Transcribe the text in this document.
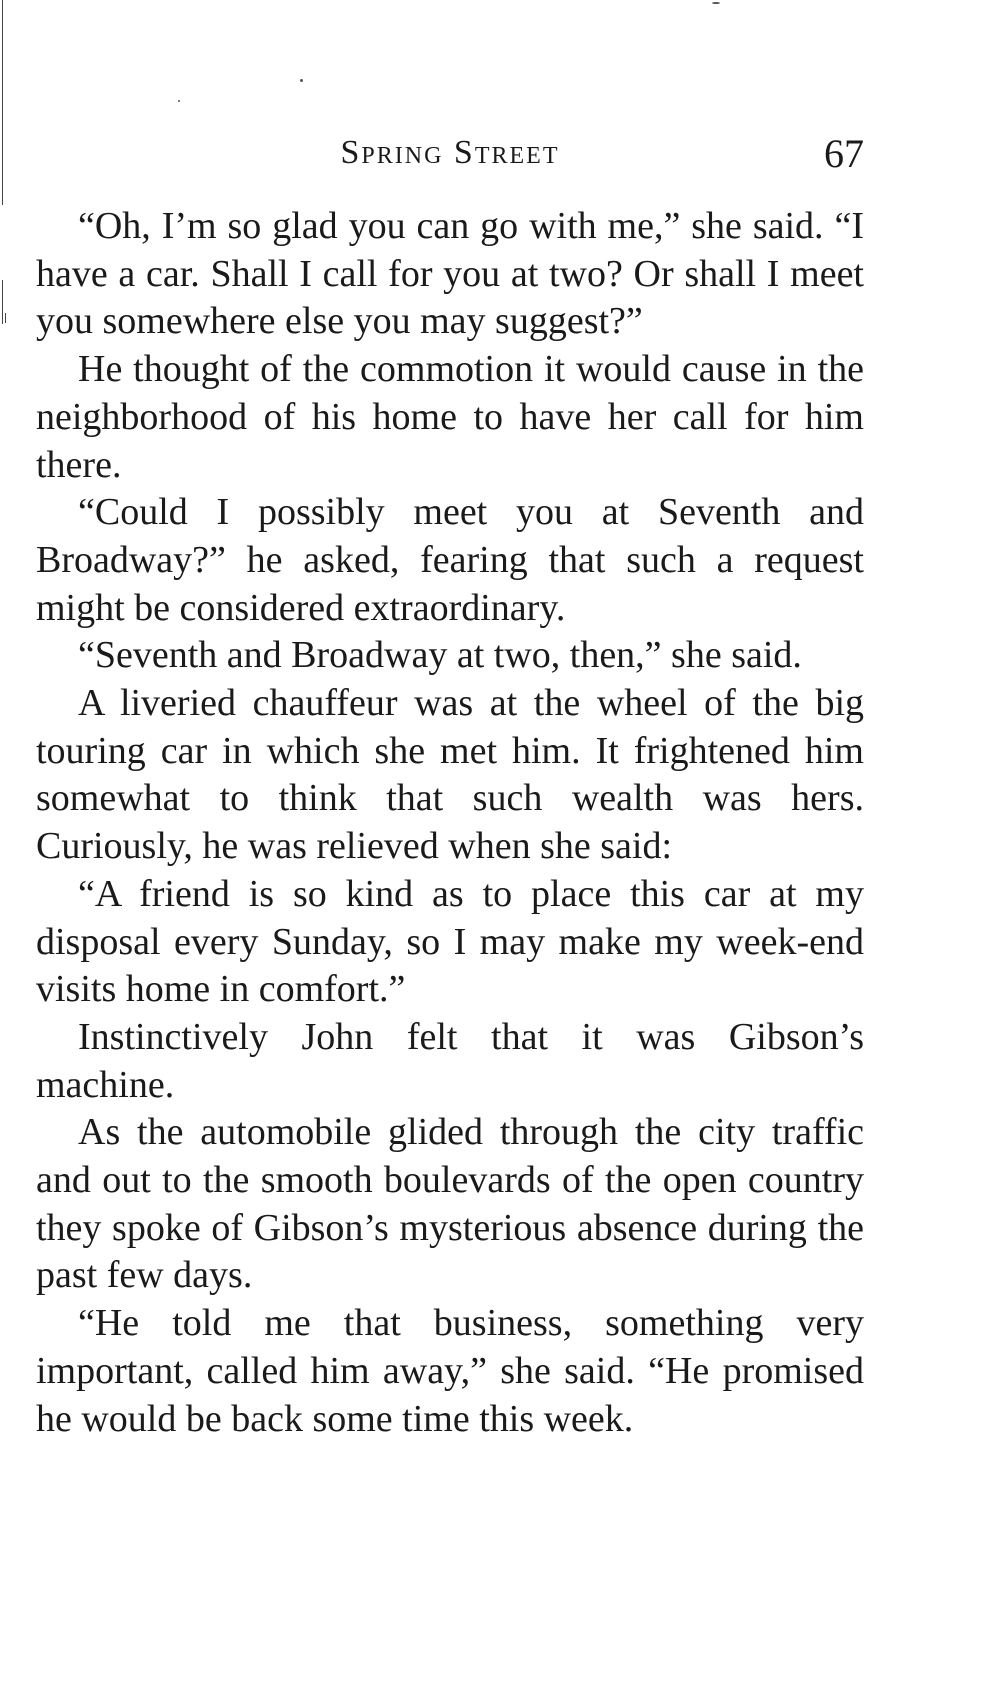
Spring Street	67

“Oh, I’m so glad you can go with me,” she said. “I have a car. Shall I call for you at two? Or shall I meet you somewhere else you may suggest?”

He thought of the commotion it would cause in the neighborhood of his home to have her call for him there.

“Could I possibly meet you at Seventh and Broadway?” he asked, fearing that such a request might be considered extraordinary.

“Seventh and Broadway at two, then,” she said.

A liveried chauffeur was at the wheel of the big touring car in which she met him. It frightened him somewhat to think that such wealth was hers. Curiously, he was relieved when she said:

“A friend is so kind as to place this car at my disposal every Sunday, so I may make my week-end visits home in comfort.”

Instinctively John felt that it was Gibson’s machine.

As the automobile glided through the city traffic and out to the smooth boulevards of the open country they spoke of Gibson’s mysterious absence during the past few days.

“He told me that business, something very important, called him away,” she said. “He promised he would be back some time this week.
